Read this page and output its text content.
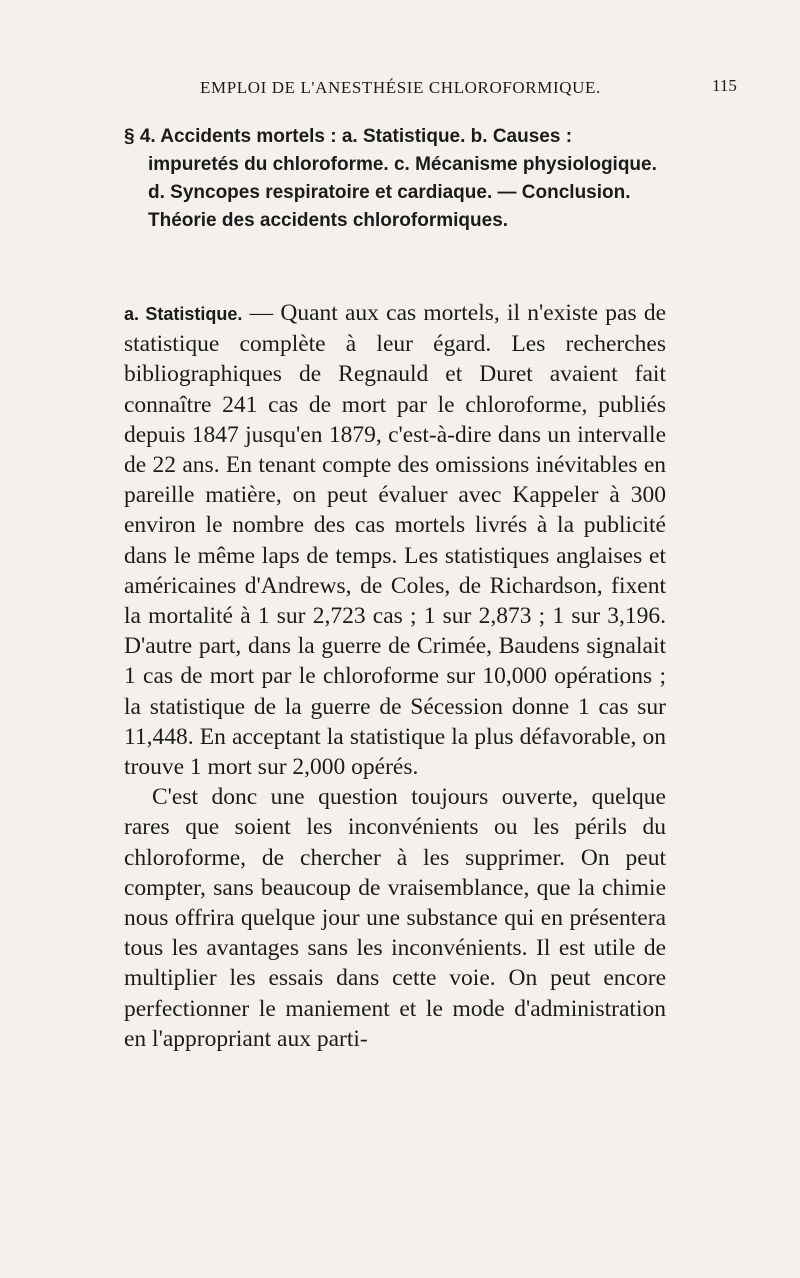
EMPLOI DE L'ANESTHÉSIE CHLOROFORMIQUE.	115
§ 4. Accidents mortels : a. Statistique. b. Causes : impuretés du chloroforme. c. Mécanisme physiologique. d. Syncopes respiratoire et cardiaque. — Conclusion. Théorie des accidents chloroformiques.

a. Statistique. — Quant aux cas mortels, il n'existe pas de statistique complète à leur égard. Les recherches bibliographiques de Regnauld et Duret avaient fait connaître 241 cas de mort par le chloroforme, publiés depuis 1847 jusqu'en 1879, c'est-à-dire dans un intervalle de 22 ans. En tenant compte des omissions inévitables en pareille matière, on peut évaluer avec Kappeler à 300 environ le nombre des cas mortels livrés à la publicité dans le même laps de temps. Les statistiques anglaises et américaines d'Andrews, de Coles, de Richardson, fixent la mortalité à 1 sur 2,723 cas ; 1 sur 2,873 ; 1 sur 3,196. D'autre part, dans la guerre de Crimée, Baudens signalait 1 cas de mort par le chloroforme sur 10,000 opérations ; la statistique de la guerre de Sécession donne 1 cas sur 11,448. En acceptant la statistique la plus défavorable, on trouve 1 mort sur 2,000 opérés.

C'est donc une question toujours ouverte, quelque rares que soient les inconvénients ou les périls du chloroforme, de chercher à les supprimer. On peut compter, sans beaucoup de vraisemblance, que la chimie nous offrira quelque jour une substance qui en présentera tous les avantages sans les inconvénients. Il est utile de multiplier les essais dans cette voie. On peut encore perfectionner le maniement et le mode d'administration en l'appropriant aux parti-
